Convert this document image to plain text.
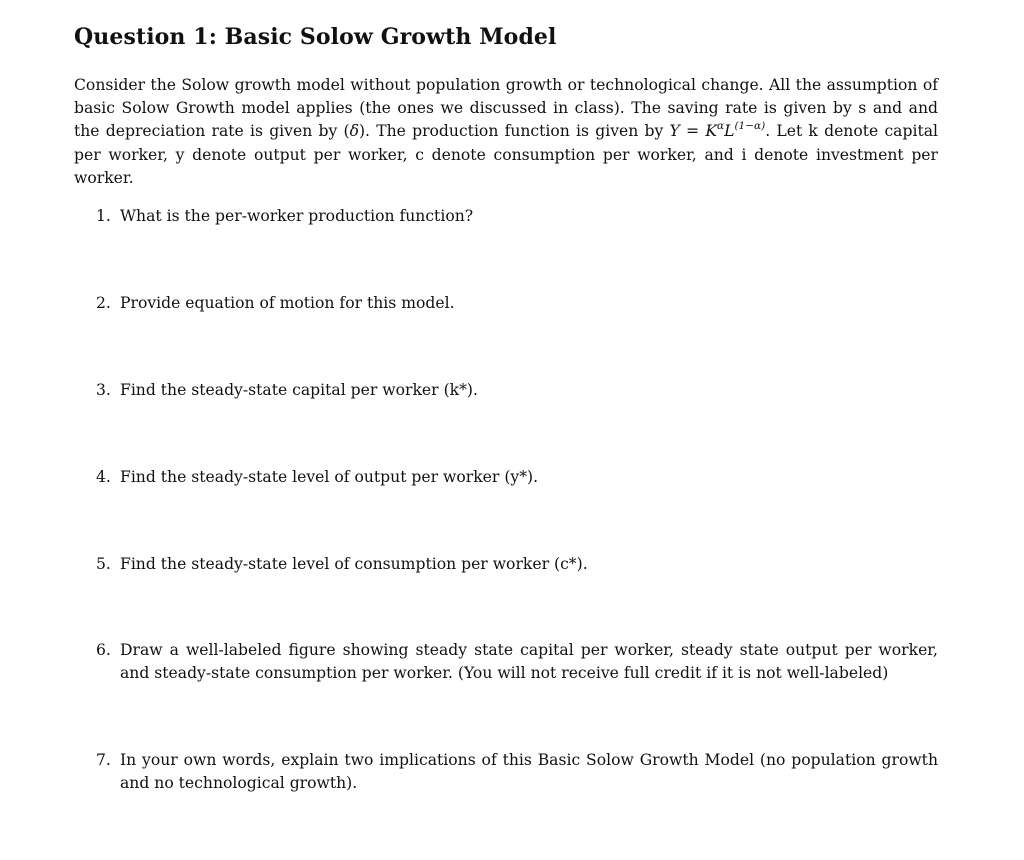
Question 1: Basic Solow Growth Model

Consider the Solow growth model without population growth or technological change. All the assumption of basic Solow Growth model applies (the ones we discussed in class). The saving rate is given by s and and the depreciation rate is given by (δ). The production function is given by $Y = K^\alpha L^{(1-\alpha)}$. Let k denote capital per worker, y denote output per worker, c denote consumption per worker, and i denote investment per worker.

1. What is the per-worker production function?
2. Provide equation of motion for this model.
3. Find the steady-state capital per worker (k*).
4. Find the steady-state level of output per worker (y*).
5. Find the steady-state level of consumption per worker (c*).
6. Draw a well-labeled figure showing steady state capital per worker, steady state output per worker, and steady-state consumption per worker. (You will not receive full credit if it is not well-labeled)
7. In your own words, explain two implications of this Basic Solow Growth Model (no population growth and no technological growth).
